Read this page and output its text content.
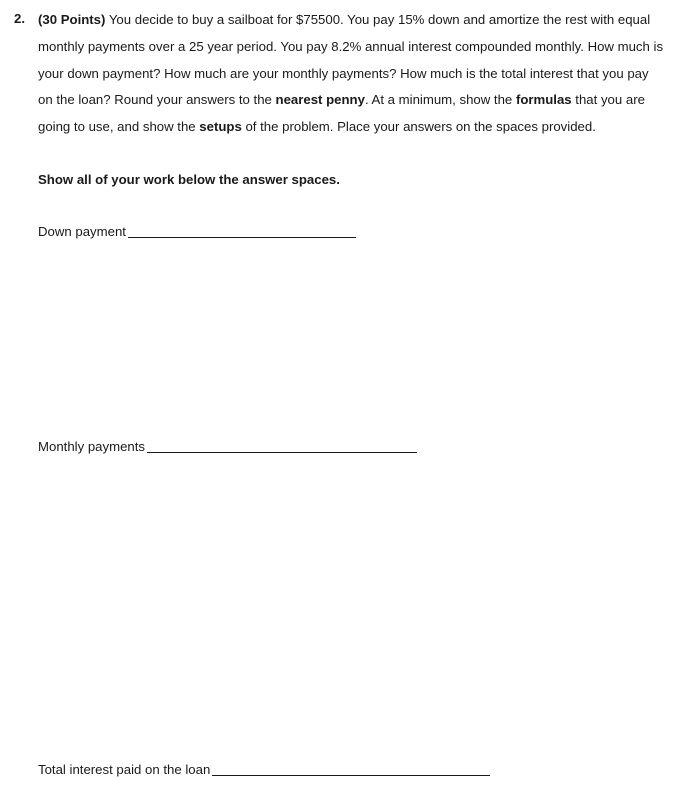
2. (30 Points) You decide to buy a sailboat for $75500. You pay 15% down and amortize the rest with equal monthly payments over a 25 year period. You pay 8.2% annual interest compounded monthly. How much is your down payment? How much are your monthly payments? How much is the total interest that you pay on the loan? Round your answers to the nearest penny. At a minimum, show the formulas that you are going to use, and show the setups of the problem. Place your answers on the spaces provided.
Show all of your work below the answer spaces.
Down payment
Monthly payments
Total interest paid on the loan
